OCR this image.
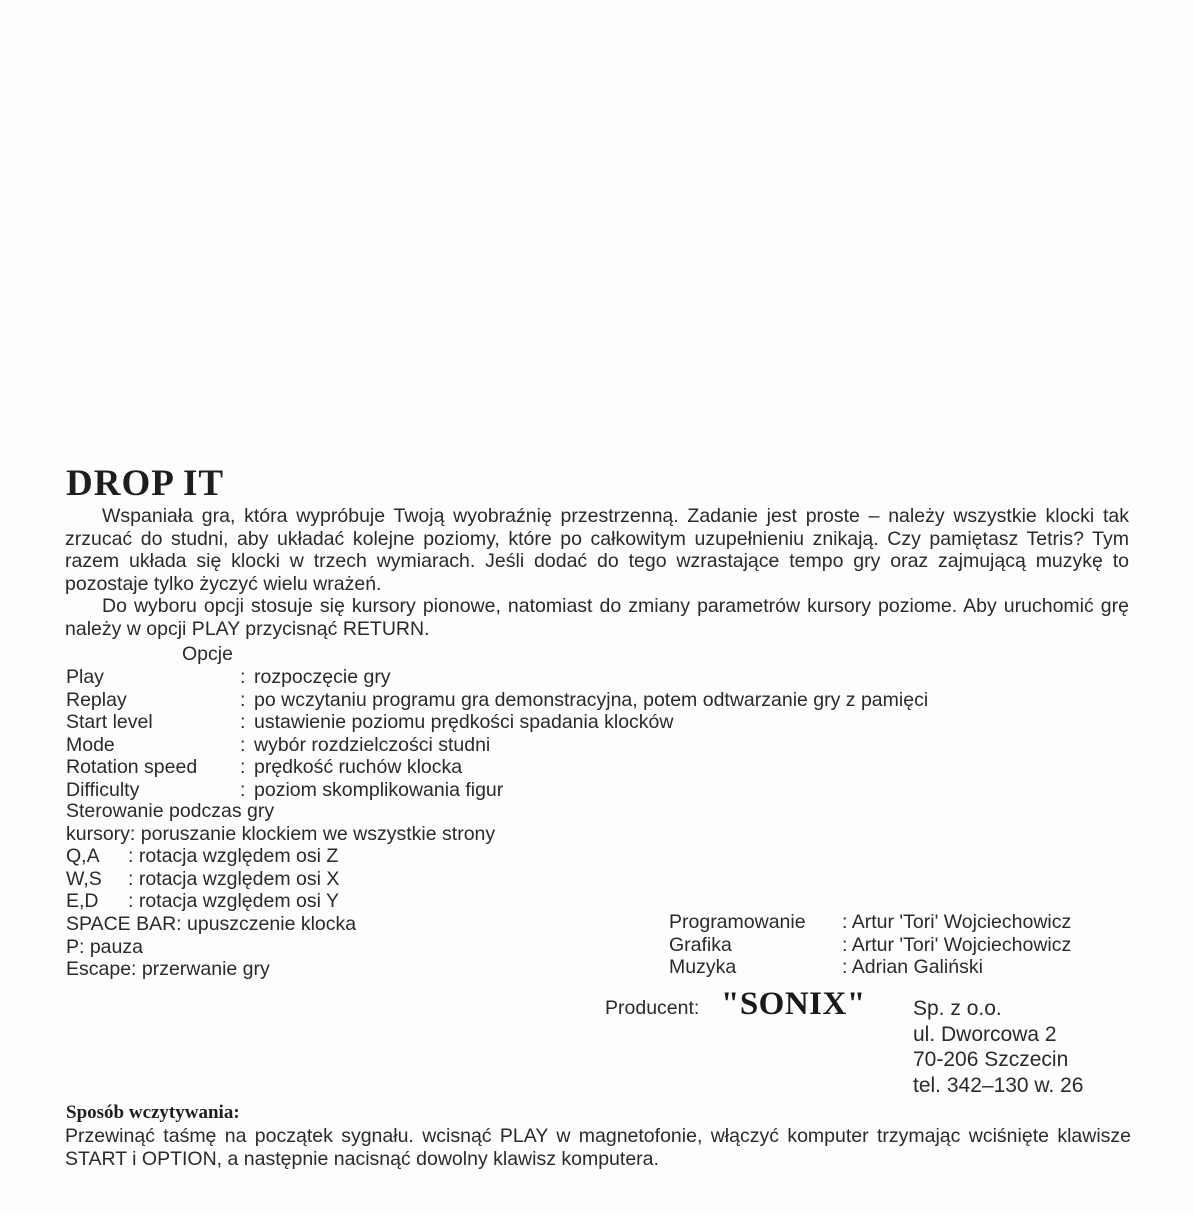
DROP IT

Wspaniała gra, która wypróbuje Twoją wyobraźnię przestrzenną. Zadanie jest proste – należy wszystkie klocki tak zrzucać do studni, aby układać kolejne poziomy, które po całkowitym uzupełnieniu znikają. Czy pamiętasz Tetris? Tym razem układa się klocki w trzech wymiarach. Jeśli dodać do tego wzrastające tempo gry oraz zajmującą muzykę to pozostaje tylko życzyć wielu wrażeń.

Do wyboru opcji stosuje się kursory pionowe, natomiast do zmiany parametrów kursory poziome. Aby uruchomić grę należy w opcji PLAY przycisnąć RETURN.

Opcje
Play	: rozpoczęcie gry
Replay	: po wczytaniu programu gra demonstracyjna, potem odtwarzanie gry z pamięci
Start level	: ustawienie poziomu prędkości spadania klocków
Mode	: wybór rozdzielczości studni
Rotation speed	: prędkość ruchów klocka
Difficulty	: poziom skomplikowania figur
Sterowanie podczas gry
kursory: poruszanie klockiem we wszystkie strony
Q,A	: rotacja względem osi Z
W,S	: rotacja względem osi X
E,D	: rotacja względem osi Y
SPACE BAR: upuszczenie klocka
P: pauza
Escape: przerwanie gry
Programowanie	: Artur 'Tori' Wojciechowicz
Grafika	: Artur 'Tori' Wojciechowicz
Muzyka	: Adrian Galiński
Producent: "SONIX" Sp. z o.o.
ul. Dworcowa 2
70-206 Szczecin
tel. 342–130 w. 26
Sposób wczytywania:
Przewinąć taśmę na początek sygnału. wcisnąć PLAY w magnetofonie, włączyć komputer trzymając wciśnięte klawisze START i OPTION, a następnie nacisnąć dowolny klawisz komputera.
